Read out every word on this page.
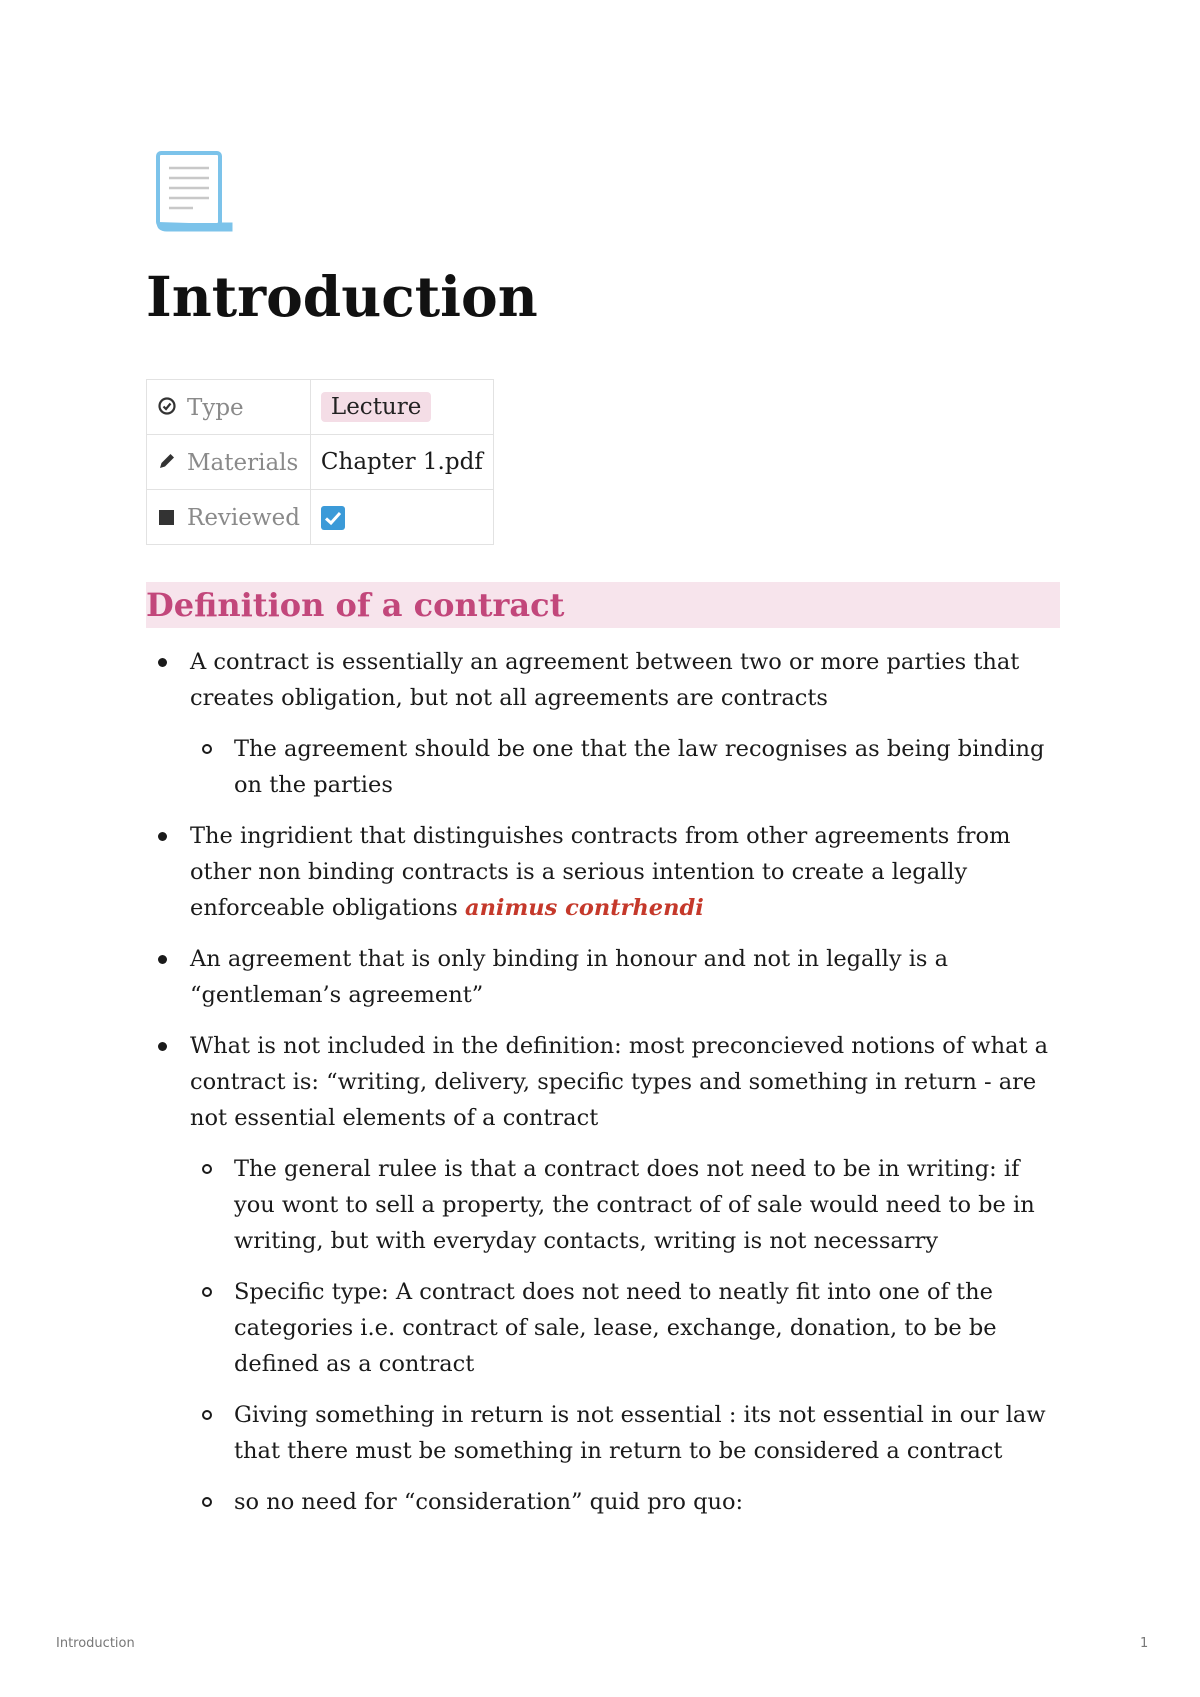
Introduction
Type	Lecture
Materials	Chapter 1.pdf
Reviewed	
Definition of a contract
A contract is essentially an agreement between two or more parties that creates obligation, but not all agreements are contracts
The agreement should be one that the law recognises as being binding on the parties
The ingridient that distinguishes contracts from other agreements from other non binding contracts is a serious intention to create a legally enforceable obligations animus contrhendi
An agreement that is only binding in honour and not in legally is a “gentleman’s agreement”
What is not included in the definition: most preconcieved notions of what a contract is: “writing, delivery, specific types and something in return - are not essential elements of a contract
The general rulee is that a contract does not need to be in writing: if you wont to sell a property, the contract of of sale would need to be in writing, but with everyday contacts, writing is not necessarry
Specific type: A contract does not need to neatly fit into one of the categories i.e. contract of sale, lease, exchange, donation, to be be defined as a contract
Giving something in return is not essential : its not essential in our law that there must be something in return to be considered a contract
so no need for “consideration” quid pro quo:
Introduction	1
